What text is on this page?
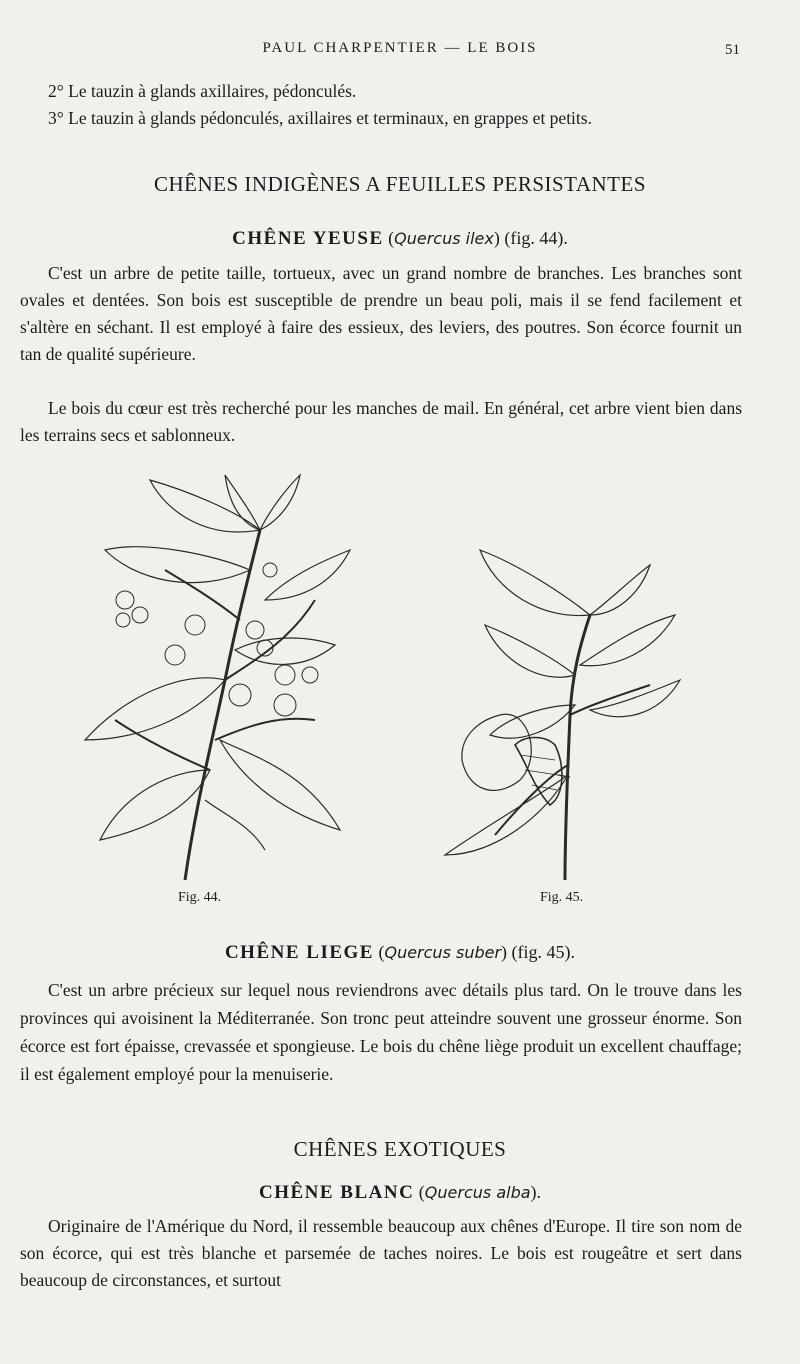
PAUL CHARPENTIER — LE BOIS	51
2° Le tauzin à glands axillaires, pédonculés.
3° Le tauzin à glands pédonculés, axillaires et terminaux, en grappes et petits.
CHÊNES INDIGÈNES A FEUILLES PERSISTANTES
CHÊNE YEUSE (Quercus ilex) (fig. 44).
C'est un arbre de petite taille, tortueux, avec un grand nombre de branches. Les branches sont ovales et dentées. Son bois est susceptible de prendre un beau poli, mais il se fend facilement et s'altère en séchant. Il est employé à faire des essieux, des leviers, des poutres. Son écorce fournit un tan de qualité supérieure.
Le bois du cœur est très recherché pour les manches de mail. En général, cet arbre vient bien dans les terrains secs et sablonneux.
Fig. 44.	Fig. 45.
CHÊNE LIEGE (Quercus suber) (fig. 45).
C'est un arbre précieux sur lequel nous reviendrons avec détails plus tard. On le trouve dans les provinces qui avoisinent la Méditerranée. Son tronc peut atteindre souvent une grosseur énorme. Son écorce est fort épaisse, crevassée et spongieuse. Le bois du chêne liège produit un excellent chauffage; il est également employé pour la menuiserie.
CHÊNES EXOTIQUES
CHÊNE BLANC (Quercus alba).
Originaire de l'Amérique du Nord, il ressemble beaucoup aux chênes d'Europe. Il tire son nom de son écorce, qui est très blanche et parsemée de taches noires. Le bois est rougeâtre et sert dans beaucoup de circonstances, et surtout
